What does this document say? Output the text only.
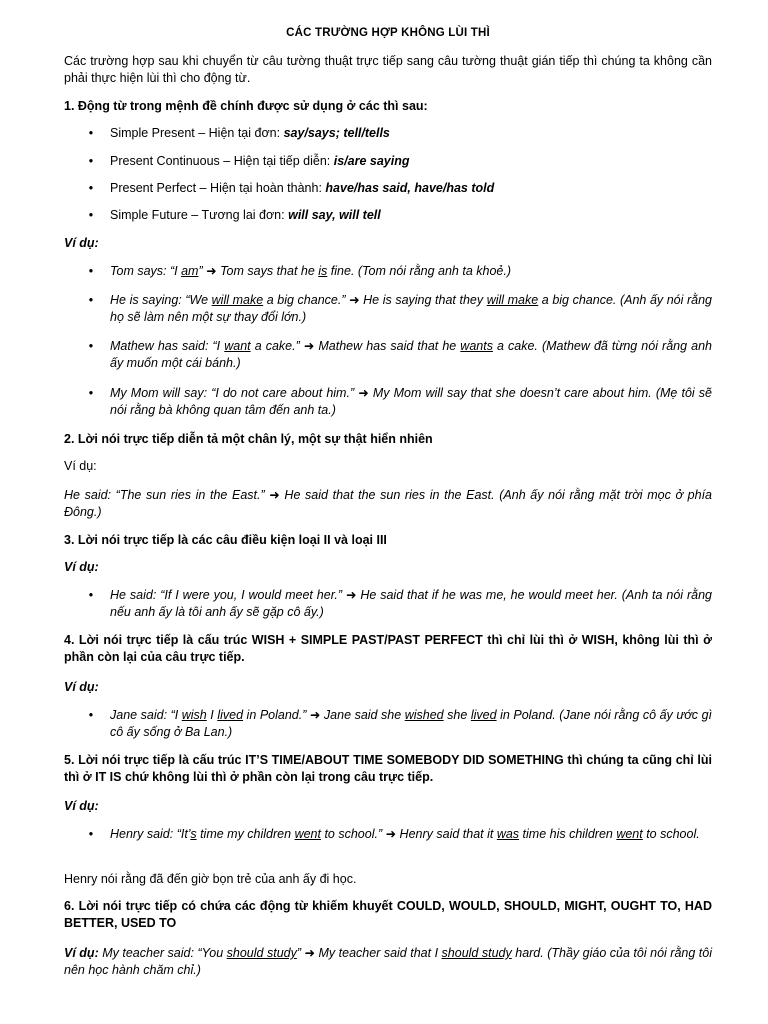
CÁC TRƯỜNG HỢP KHÔNG LÙI THÌ

Các trường hợp sau khi chuyển từ câu tường thuật trực tiếp sang câu tường thuật gián tiếp thì chúng ta không cần phải thực hiện lùi thì cho động từ.

1. Động từ trong mệnh đề chính được sử dụng ở các thì sau:

• Simple Present – Hiện tại đơn: say/says; tell/tells

• Present Continuous – Hiện tại tiếp diễn: is/are saying

• Present Perfect – Hiện tại hoàn thành: have/has said, have/has told

• Simple Future – Tương lai đơn: will say, will tell

Ví dụ:

• Tom says: “I am” ➜ Tom says that he is fine. (Tom nói rằng anh ta khoẻ.)

• He is saying: “We will make a big chance.” ➜ He is saying that they will make a big chance. (Anh ấy nói rằng họ sẽ làm nên một sự thay đổi lớn.)

• Mathew has said: “I want a cake.” ➜ Mathew has said that he wants a cake. (Mathew đã từng nói rằng anh ấy muốn một cái bánh.)

• My Mom will say: “I do not care about him.” ➜ My Mom will say that she doesn’t care about him. (Mẹ tôi sẽ nói rằng bà không quan tâm đến anh ta.)

2. Lời nói trực tiếp diễn tả một chân lý, một sự thật hiển nhiên

Ví dụ:

He said: “The sun ries in the East.” ➜ He said that the sun ries in the East. (Anh ấy nói rằng mặt trời mọc ở phía Đông.)

3. Lời nói trực tiếp là các câu điều kiện loại II và loại III

Ví dụ:

• He said: “If I were you, I would meet her.” ➜ He said that if he was me, he would meet her. (Anh ta nói rằng nếu anh ấy là tôi anh ấy sẽ gặp cô ấy.)

4. Lời nói trực tiếp là cấu trúc WISH + SIMPLE PAST/PAST PERFECT thì chỉ lùi thì ở WISH, không lùi thì ở phần còn lại của câu trực tiếp.

Ví dụ:

• Jane said: “I wish I lived in Poland.” ➜ Jane said she wished she lived in Poland. (Jane nói rằng cô ấy ước gì cô ấy sống ở Ba Lan.)

5. Lời nói trực tiếp là cấu trúc IT’S TIME/ABOUT TIME SOMEBODY DID SOMETHING thì chúng ta cũng chỉ lùi thì ở IT IS chứ không lùi thì ở phần còn lại trong câu trực tiếp.

Ví dụ:

• Henry said: “It’s time my children went to school.” ➜ Henry said that it was time his children went to school.

Henry nói rằng đã đến giờ bọn trẻ của anh ấy đi học.

6. Lời nói trực tiếp có chứa các động từ khiếm khuyết COULD, WOULD, SHOULD, MIGHT, OUGHT TO, HAD BETTER, USED TO

Ví dụ: My teacher said: “You should study” ➜ My teacher said that I should study hard. (Thầy giáo của tôi nói rằng tôi nên học hành chăm chỉ.)
